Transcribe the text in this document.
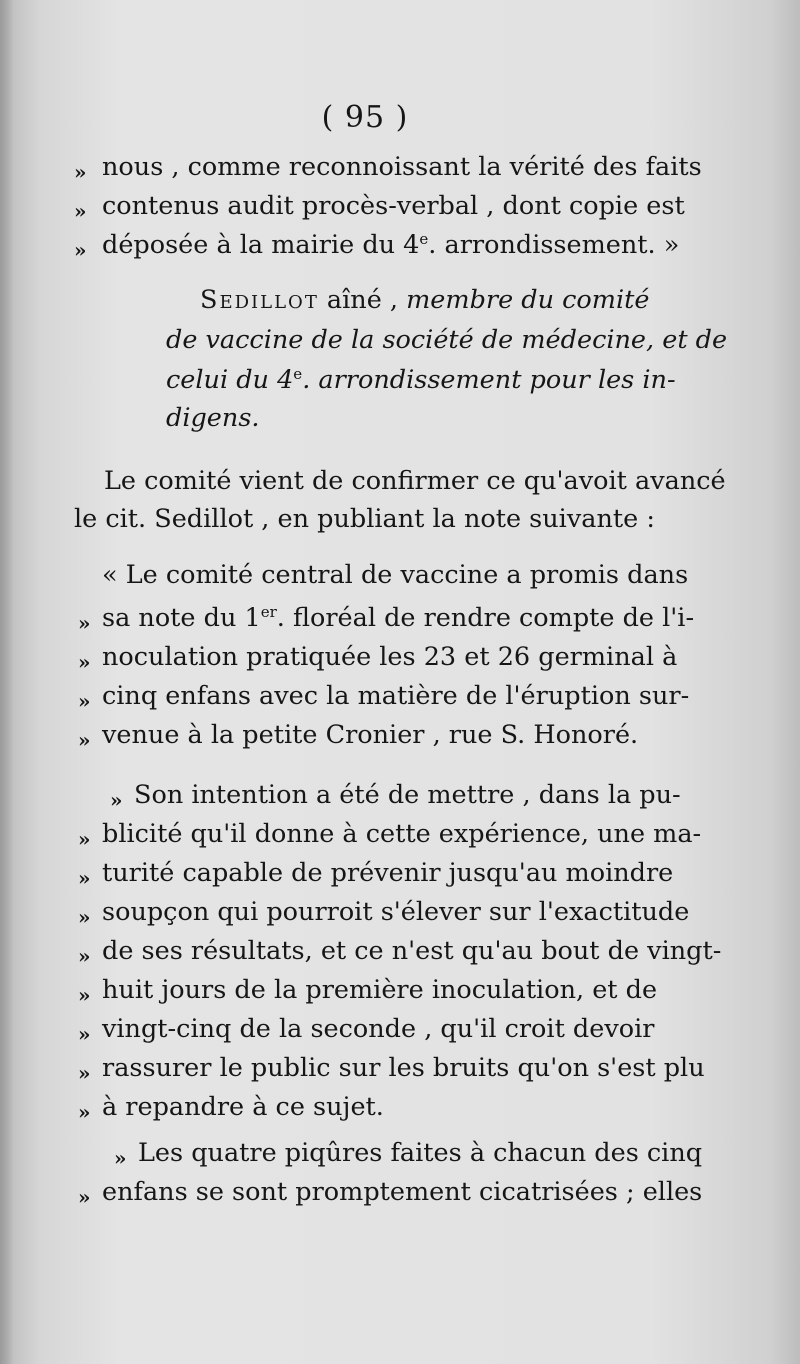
( 95 )
» nous , comme reconnoissant la vérité des faits
» contenus audit procès-verbal , dont copie est
» déposée à la mairie du 4e. arrondissement. »
Sedillot aîné , membre du comité
de vaccine de la société de médecine, et de
celui du 4e. arrondissement pour les in-
digens.
Le comité vient de confirmer ce qu'avoit avancé
le cit. Sedillot , en publiant la note suivante :
« Le comité central de vaccine a promis dans
» sa note du 1er. floréal de rendre compte de l'i-
» noculation pratiquée les 23 et 26 germinal à
» cinq enfans avec la matière de l'éruption sur-
» venue à la petite Cronier , rue S. Honoré.
» Son intention a été de mettre , dans la pu-
» blicité qu'il donne à cette expérience, une ma-
» turité capable de prévenir jusqu'au moindre
» soupçon qui pourroit s'élever sur l'exactitude
» de ses résultats, et ce n'est qu'au bout de vingt-
» huit jours de la première inoculation, et de
» vingt-cinq de la seconde , qu'il croit devoir
» rassurer le public sur les bruits qu'on s'est plu
» à repandre à ce sujet.
» Les quatre piqûres faites à chacun des cinq
» enfans se sont promptement cicatrisées ; elles
